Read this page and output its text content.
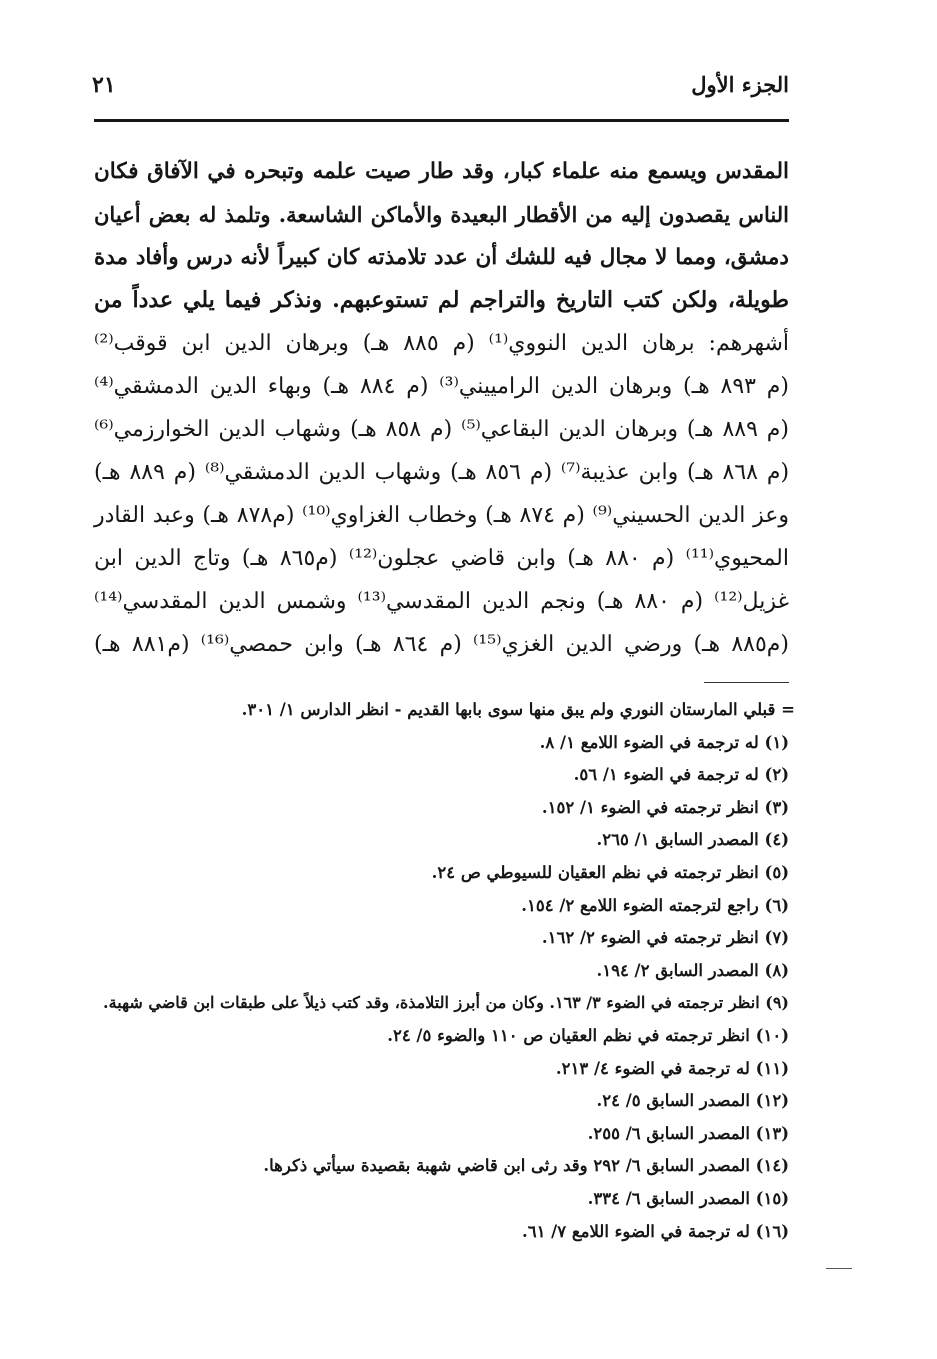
الجزء الأول
٢١
المقدس ويسمع منه علماء كبار، وقد طار صيت علمه وتبحره في الآفاق فكان
الناس يقصدون إليه من الأقطار البعيدة والأماكن الشاسعة. وتلمذ له بعض أعيان
دمشق، ومما لا مجال فيه للشك أن عدد تلامذته كان كبيراً لأنه درس وأفاد مدة
طويلة، ولكن كتب التاريخ والتراجم لم تستوعبهم. ونذكر فيما يلي عدداً من
أشهرهم: برهان الدين النووي⁽¹⁾ (م ٨٨٥ هـ) وبرهان الدين ابن قوقب⁽²⁾
(م ٨٩٣ هـ) وبرهان الدين الرامييني⁽³⁾ (م ٨٨٤ هـ) وبهاء الدين الدمشقي⁽⁴⁾
(م ٨٨٩ هـ) وبرهان الدين البقاعي⁽⁵⁾ (م ٨٥٨ هـ) وشهاب الدين الخوارزمي⁽⁶⁾
(م ٨٦٨ هـ) وابن عذيبة⁽⁷⁾ (م ٨٥٦ هـ) وشهاب الدين الدمشقي⁽⁸⁾ (م ٨٨٩ هـ)
وعز الدين الحسيني⁽⁹⁾ (م ٨٧٤ هـ) وخطاب الغزاوي⁽¹⁰⁾ (م٨٧٨ هـ) وعبد القادر
المحيوي⁽¹¹⁾ (م ٨٨٠ هـ) وابن قاضي عجلون⁽¹²⁾ (م٨٦٥ هـ) وتاج الدين ابن
غزيل⁽¹²⁾ (م ٨٨٠ هـ) ونجم الدين المقدسي⁽¹³⁾ وشمس الدين المقدسي⁽¹⁴⁾
(م٨٨٥ هـ) ورضي الدين الغزي⁽¹⁵⁾ (م ٨٦٤ هـ) وابن حمصي⁽¹⁶⁾ (م٨٨١ هـ)
= قبلي المارستان النوري ولم يبق منها سوى بابها القديم - انظر الدارس ١/ ٣٠١.
(١) له ترجمة في الضوء اللامع ١/ ٨.
(٢) له ترجمة في الضوء ١/ ٥٦.
(٣) انظر ترجمته في الضوء ١/ ١٥٢.
(٤) المصدر السابق ١/ ٢٦٥.
(٥) انظر ترجمته في نظم العقيان للسيوطي ص ٢٤.
(٦) راجع لترجمته الضوء اللامع ٢/ ١٥٤.
(٧) انظر ترجمته في الضوء ٢/ ١٦٢.
(٨) المصدر السابق ٢/ ١٩٤.
(٩) انظر ترجمته في الضوء ٣/ ١٦٣. وكان من أبرز التلامذة، وقد كتب ذيلاً على طبقات ابن قاضي شهبة.
(١٠) انظر ترجمته في نظم العقيان ص ١١٠ والضوء ٥/ ٢٤.
(١١) له ترجمة في الضوء ٤/ ٢١٣.
(١٢) المصدر السابق ٥/ ٢٤.
(١٣) المصدر السابق ٦/ ٢٥٥.
(١٤) المصدر السابق ٦/ ٢٩٢ وقد رثى ابن قاضي شهبة بقصيدة سيأتي ذكرها.
(١٥) المصدر السابق ٦/ ٣٣٤.
(١٦) له ترجمة في الضوء اللامع ٧/ ٦١.
